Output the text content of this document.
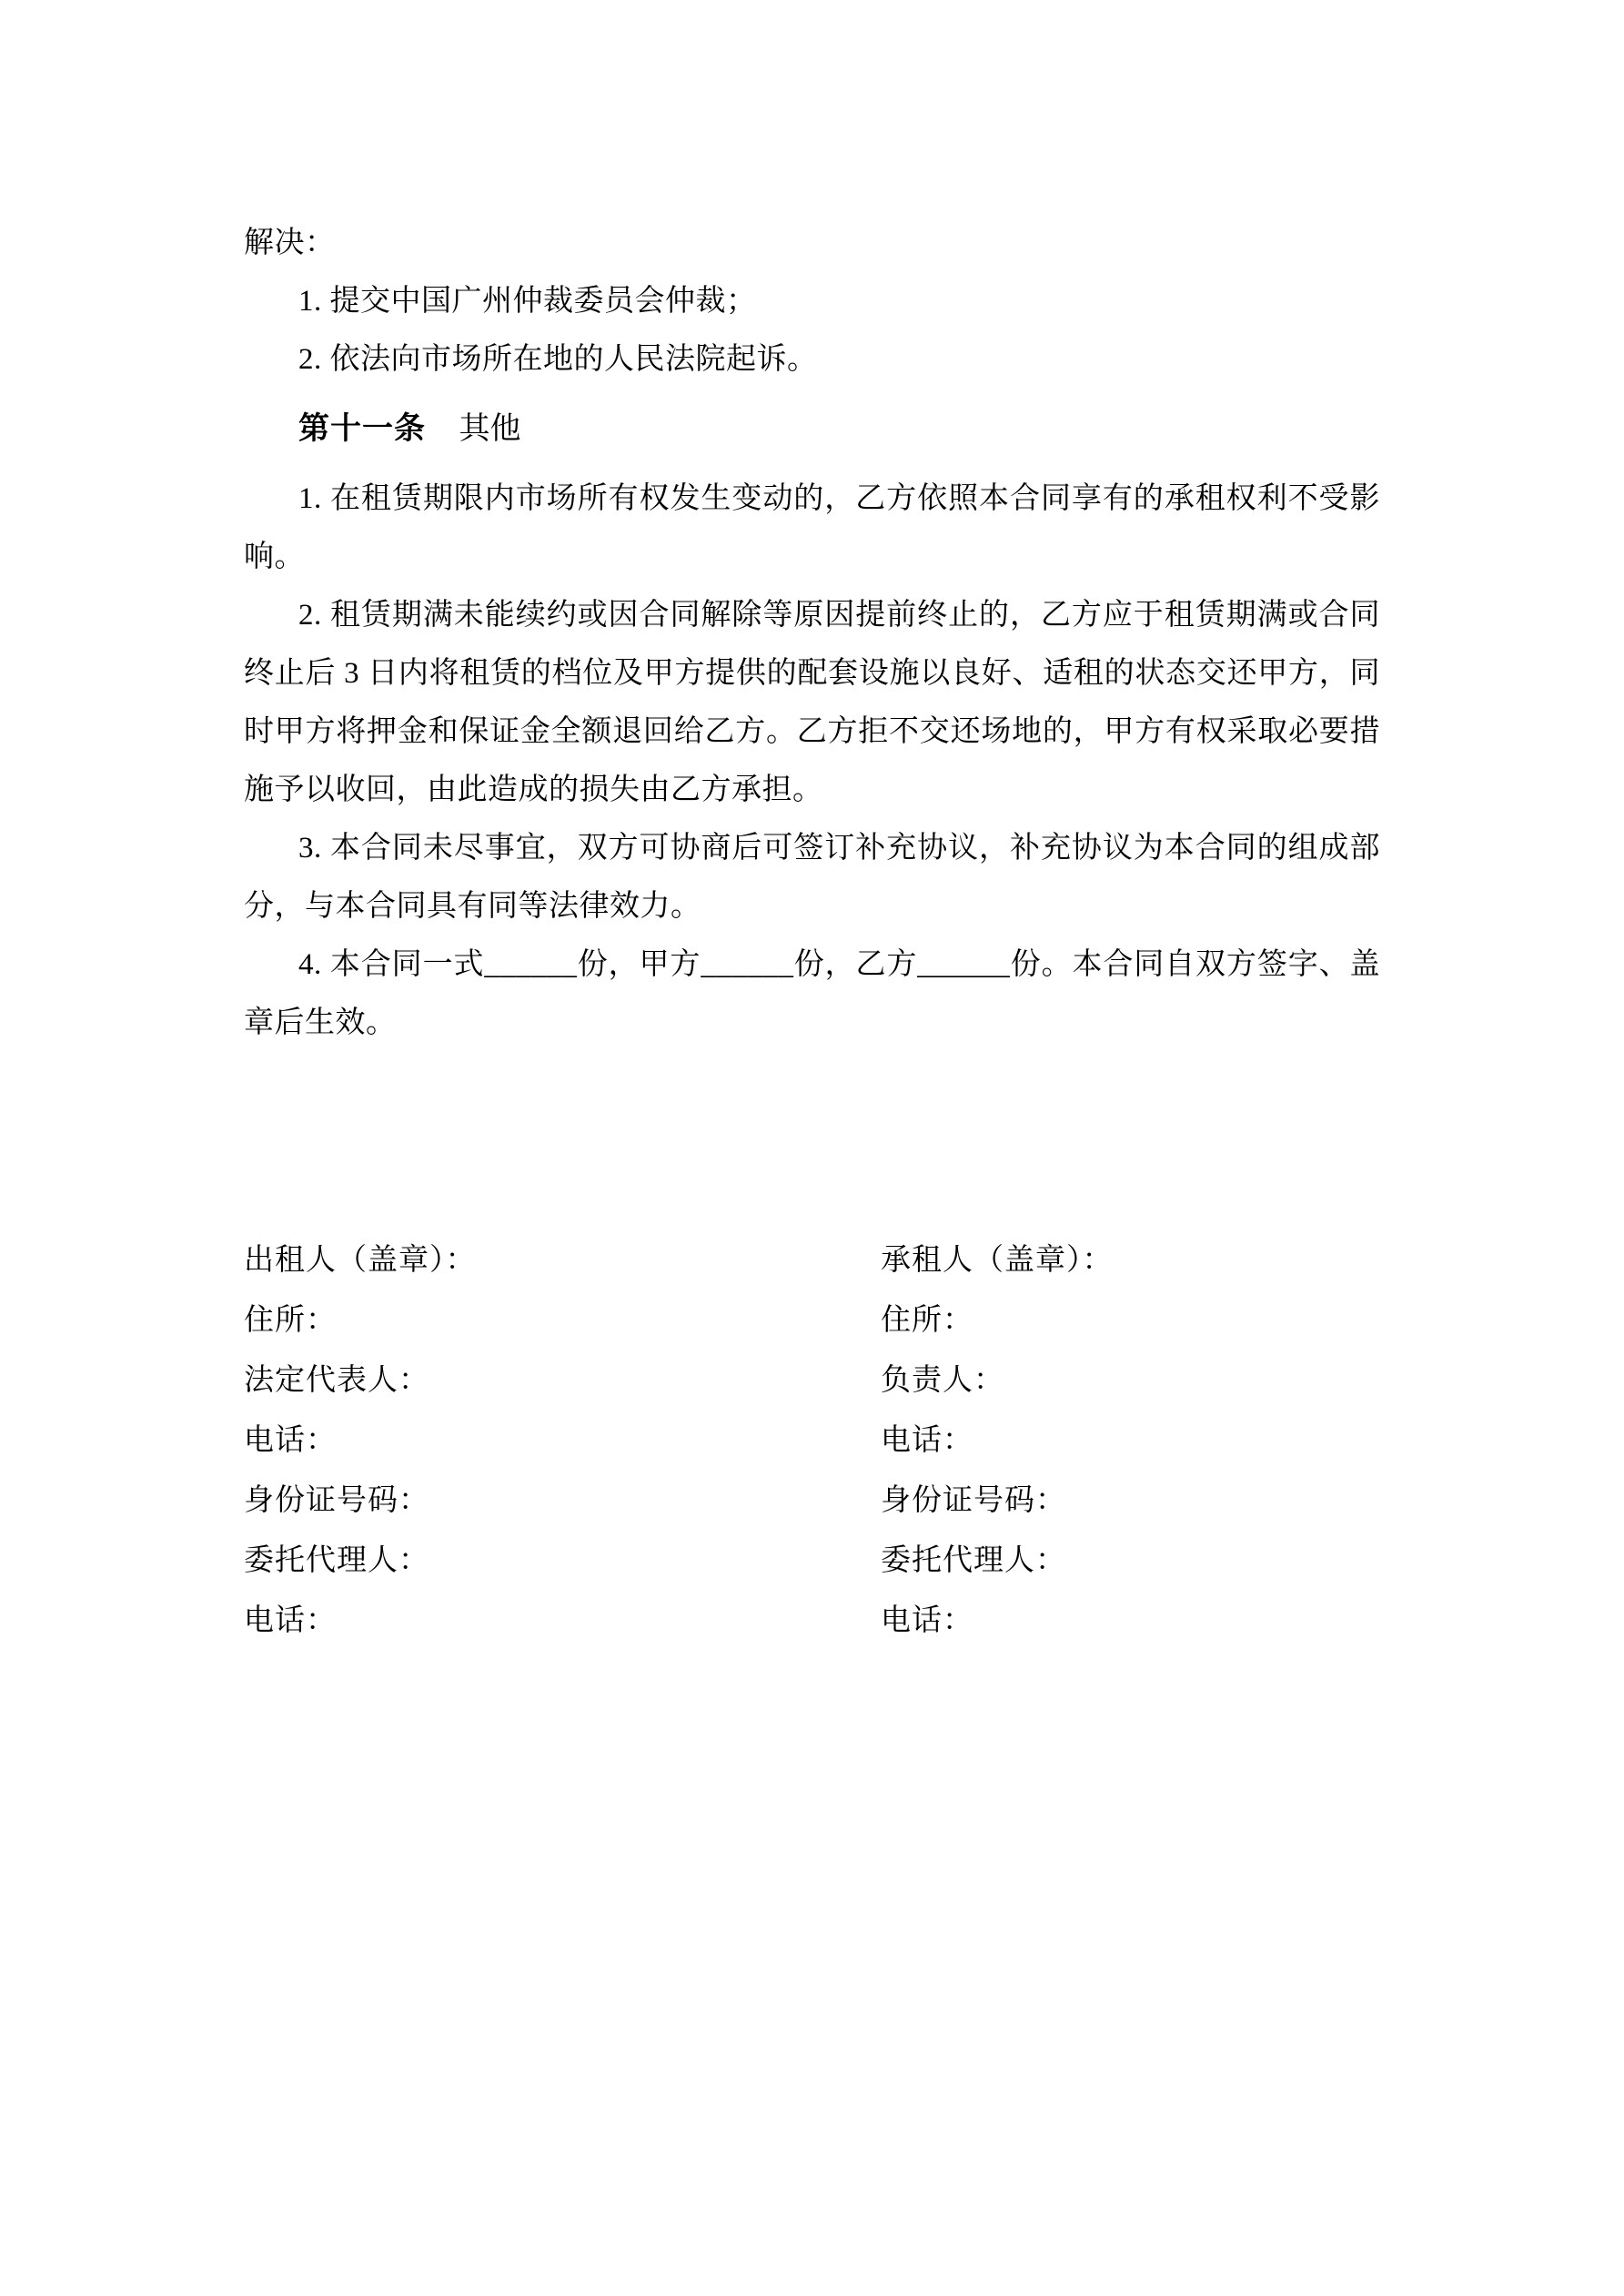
解决：

1. 提交中国广州仲裁委员会仲裁；

2. 依法向市场所在地的人民法院起诉。

第十一条 其他

1. 在租赁期限内市场所有权发生变动的，乙方依照本合同享有的承租权利不受影响。

2. 租赁期满未能续约或因合同解除等原因提前终止的，乙方应于租赁期满或合同终止后 3 日内将租赁的档位及甲方提供的配套设施以良好、适租的状态交还甲方，同时甲方将押金和保证金全额退回给乙方。乙方拒不交还场地的，甲方有权采取必要措施予以收回，由此造成的损失由乙方承担。

3. 本合同未尽事宜，双方可协商后可签订补充协议，补充协议为本合同的组成部分，与本合同具有同等法律效力。

4. 本合同一式______份，甲方______份，乙方______份。本合同自双方签字、盖章后生效。

出租人（盖章）：

住所：

法定代表人：

电话：

身份证号码：

委托代理人：

电话：

承租人（盖章）：

住所：

负责人：

电话：

身份证号码：

委托代理人：

电话：
